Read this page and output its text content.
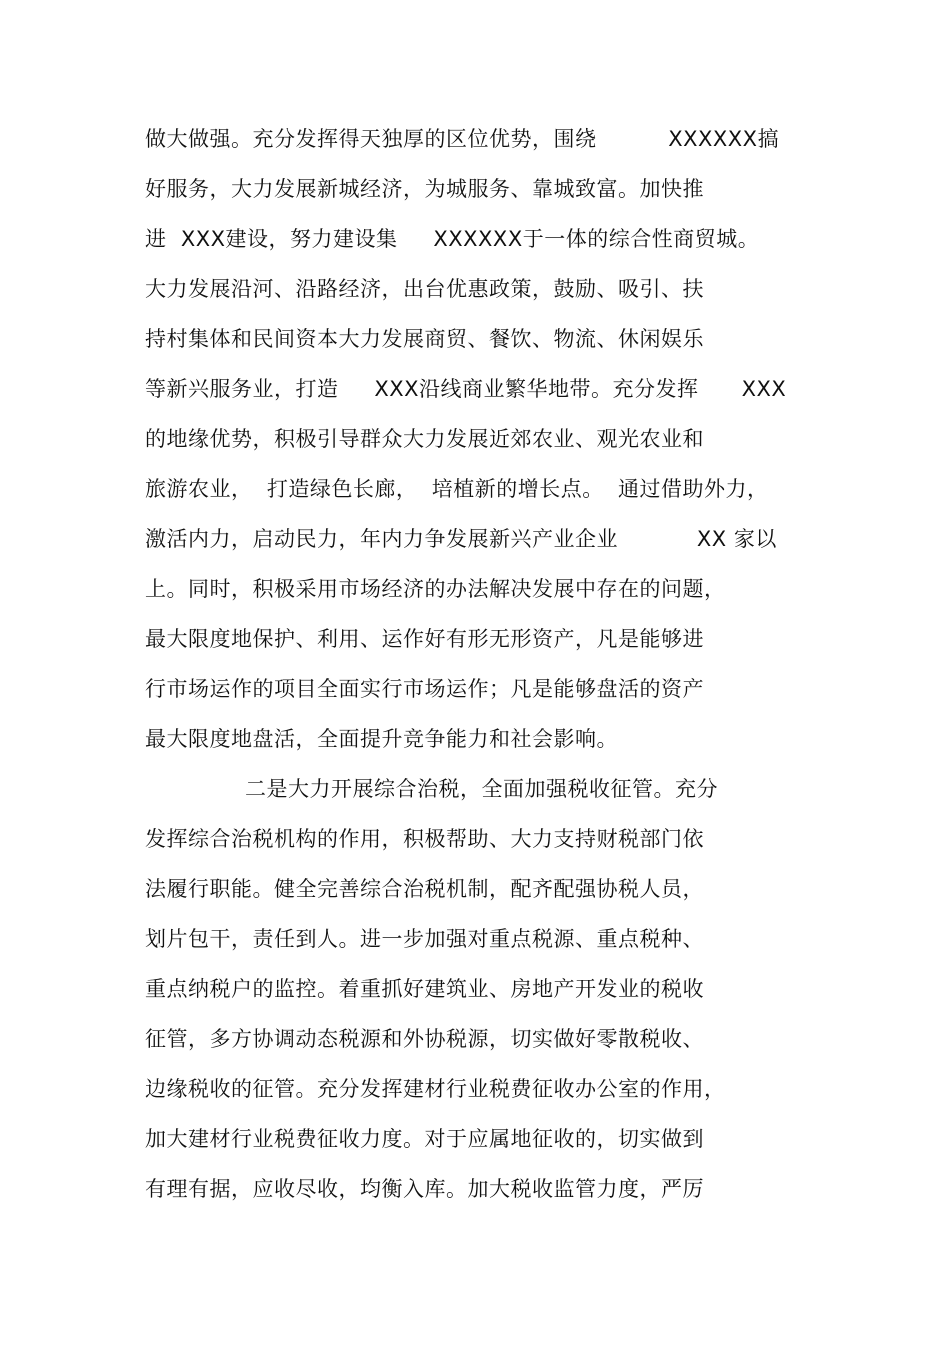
做大做强。充分发挥得天独厚的区位优势，围绕          XXXXXX搞
好服务，大力发展新城经济，为城服务、靠城致富。加快推
进  XXX建设，努力建设集     XXXXXX于一体的综合性商贸城。
大力发展沿河、沿路经济，出台优惠政策，鼓励、吸引、扶
持村集体和民间资本大力发展商贸、餐饮、物流、休闲娱乐
等新兴服务业，打造     XXX沿线商业繁华地带。充分发挥      XXX
的地缘优势，积极引导群众大力发展近郊农业、观光农业和
旅游农业，  打造绿色长廊，  培植新的增长点。  通过借助外力，
激活内力，启动民力，年内力争发展新兴产业企业           XX 家以
上。同时，积极采用市场经济的办法解决发展中存在的问题，
最大限度地保护、利用、运作好有形无形资产，凡是能够进
行市场运作的项目全面实行市场运作；凡是能够盘活的资产
最大限度地盘活，全面提升竞争能力和社会影响。
二是大力开展综合治税，全面加强税收征管。充分
发挥综合治税机构的作用，积极帮助、大力支持财税部门依
法履行职能。健全完善综合治税机制，配齐配强协税人员，
划片包干，责任到人。进一步加强对重点税源、重点税种、
重点纳税户的监控。着重抓好建筑业、房地产开发业的税收
征管，多方协调动态税源和外协税源，切实做好零散税收、
边缘税收的征管。充分发挥建材行业税费征收办公室的作用，
加大建材行业税费征收力度。对于应属地征收的，切实做到
有理有据，应收尽收，均衡入库。加大税收监管力度，严厉
